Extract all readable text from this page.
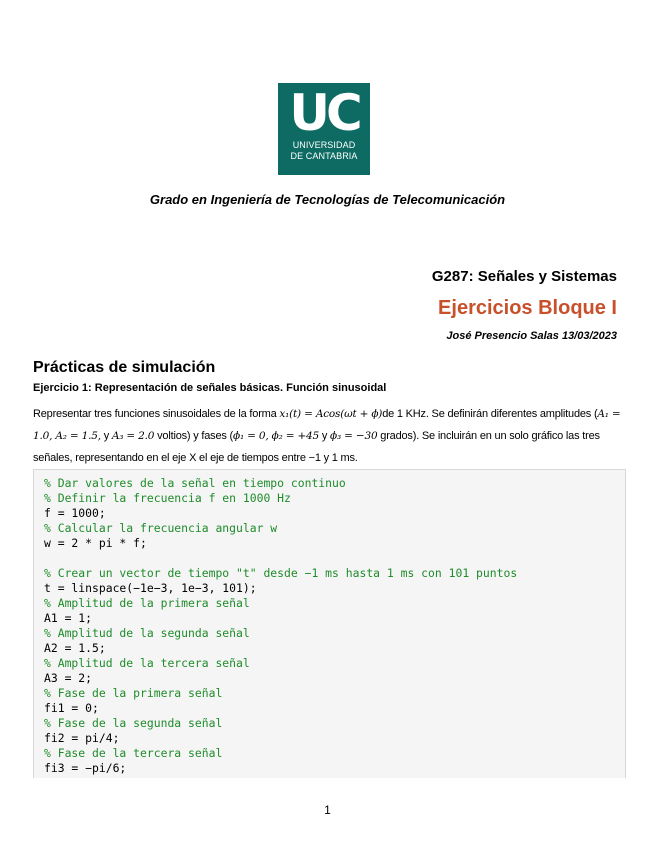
UC
UNIVERSIDAD
DE CANTABRIA
Grado en Ingeniería de Tecnologías de Telecomunicación
G287: Señales y Sistemas
Ejercicios Bloque I
José Presencio Salas 13/03/2023
Prácticas de simulación
Ejercicio 1: Representación de señales básicas. Función sinusoidal
Representar tres funciones sinusoidales de la forma x₁(t) = Acos(ωt + ϕ)de 1 KHz. Se definirán diferentes amplitudes (A₁ = 1.0, A₂ = 1.5, y A₃ = 2.0 voltios) y fases (ϕ₁ = 0, ϕ₂ = +45 y ϕ₃ = −30 grados). Se incluirán en un solo gráfico las tres señales, representando en el eje X el eje de tiempos entre −1 y 1 ms.
% Dar valores de la señal en tiempo continuo
% Definir la frecuencia f en 1000 Hz
f = 1000;
% Calcular la frecuencia angular w
w = 2 * pi * f;
% Crear un vector de tiempo "t" desde −1 ms hasta 1 ms con 101 puntos
t = linspace(−1e−3, 1e−3, 101);
% Amplitud de la primera señal
A1 = 1;
% Amplitud de la segunda señal
A2 = 1.5;
% Amplitud de la tercera señal
A3 = 2;
% Fase de la primera señal
fi1 = 0;
% Fase de la segunda señal
fi2 = pi/4;
% Fase de la tercera señal
fi3 = −pi/6;
1
